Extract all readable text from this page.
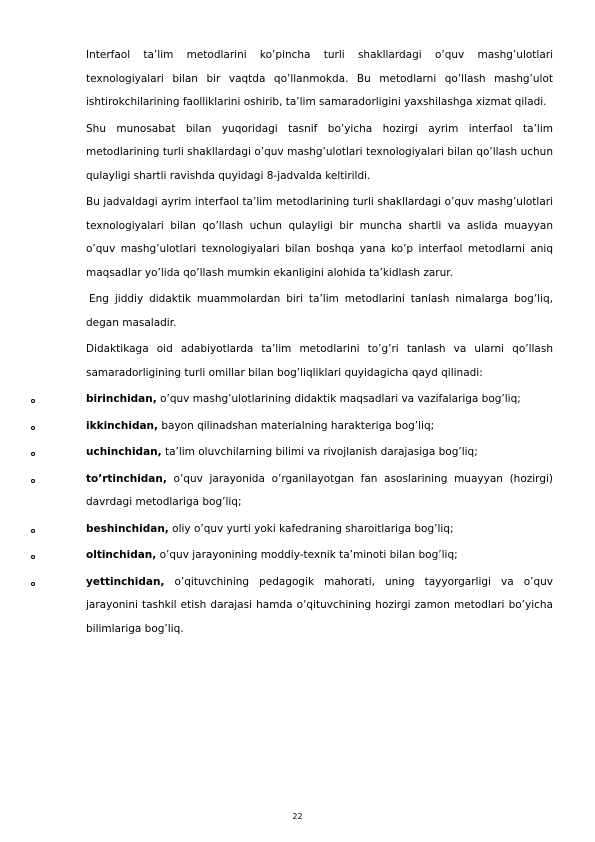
Interfaol ta’lim metodlarini ko’pincha turli shakllardagi o’quv mashg’ulotlari texnologiyalari bilan bir vaqtda qo’llanmokda. Bu metodlarni qo’llash mashg’ulot ishtirokchilarining faolliklarini oshirib, ta’lim samaradorligini yaxshilashga xizmat qiladi.

Shu munosabat bilan yuqoridagi tasnif bo’yicha hozirgi ayrim interfaol ta’lim metodlarining turli shakllardagi o’quv mashg’ulotlari texnologiyalari bilan qo’llash uchun qulayligi shartli ravishda quyidagi 8-jadvalda keltirildi.

Bu jadvaldagi ayrim interfaol ta’lim metodlarining turli shakllardagi o’quv mashg’ulotlari texnologiyalari bilan qo’llash uchun qulayligi bir muncha shartli va aslida muayyan o’quv mashg’ulotlari texnologiyalari bilan boshqa yana ko’p interfaol metodlarni aniq maqsadlar yo’lida qo’llash mumkin ekanligini alohida ta’kidlash zarur.

Eng jiddiy didaktik muammolardan biri ta’lim metodlarini tanlash nimalarga bog’liq, degan masaladir.

Didaktikaga oid adabiyotlarda ta’lim metodlarini to’g’ri tanlash va ularni qo’llash samaradorligining turli omillar bilan bog’liqliklari quyidagicha qayd qilinadi:

birinchidan, o’quv mashg’ulotlarining didaktik maqsadlari va vazifalariga bog’liq;
ikkinchidan, bayon qilinadshan materialning harakteriga bog’liq;
uchinchidan, ta’lim oluvchilarning bilimi va rivojlanish darajasiga bog’liq;
to’rtinchidan, o’quv jarayonida o’rganilayotgan fan asoslarining muayyan (hozirgi) davrdagi metodlariga bog’liq;
beshinchidan, oliy o’quv yurti yoki kafedraning sharoitlariga bog’liq;
oltinchidan, o’quv jarayonining moddiy-texnik ta’minoti bilan bog’liq;
yettinchidan, o’qituvchining pedagogik mahorati, uning tayyorgarligi va o’quv jarayonini tashkil etish darajasi hamda o’qituvchining hozirgi zamon metodlari bo’yicha bilimlariga bog’liq.
22
